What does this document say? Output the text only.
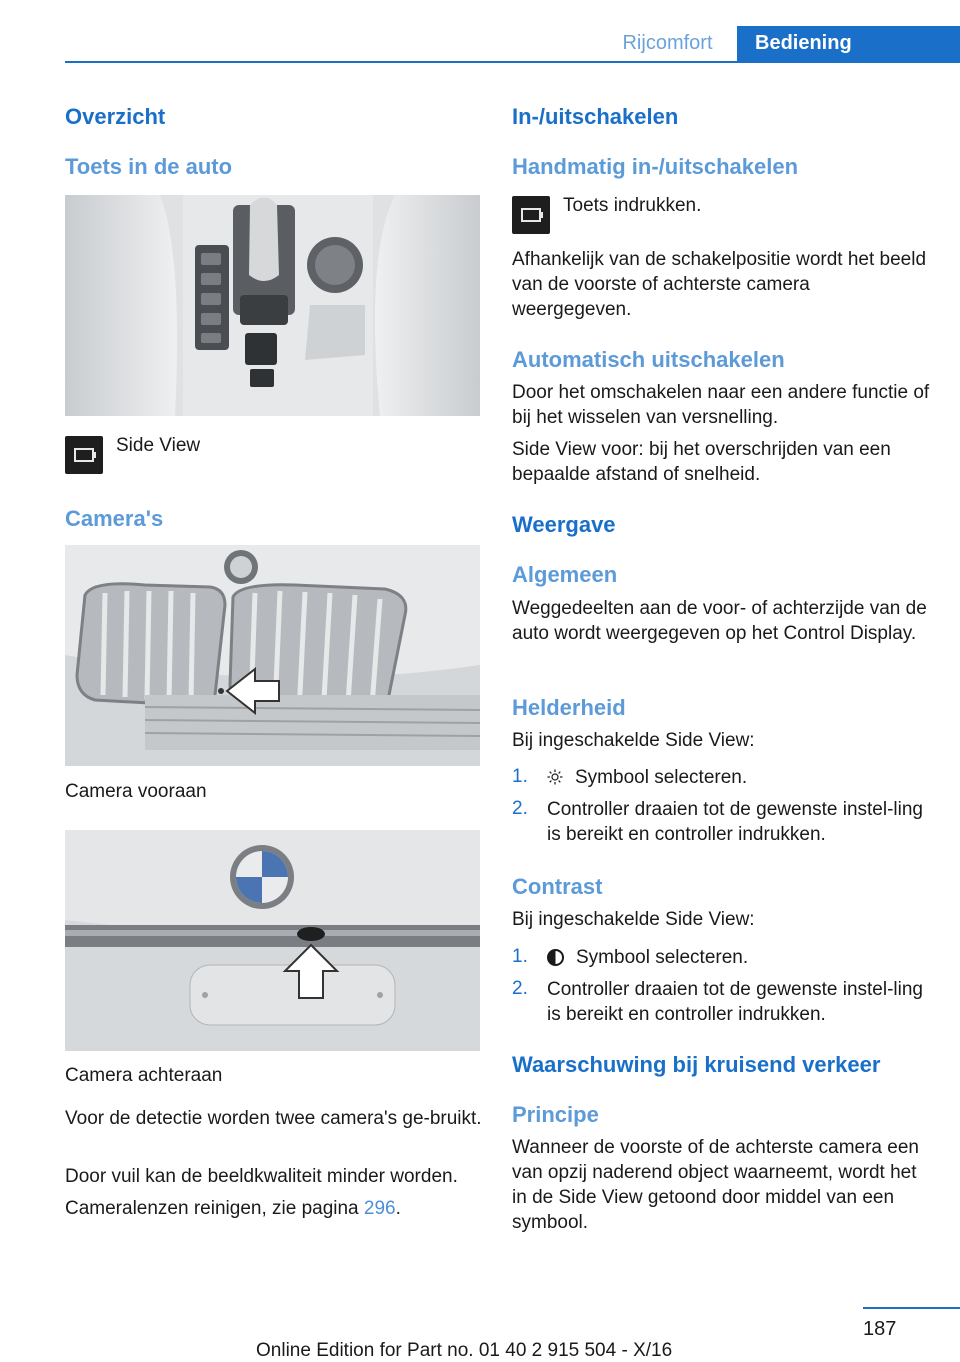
Rijcomfort	Bediening
Overzicht
Toets in de auto
Side View
Camera's
Camera vooraan
Camera achteraan
Voor de detectie worden twee camera's ge‐bruikt.
Door vuil kan de beeldkwaliteit minder worden.
Cameralenzen reinigen, zie pagina 296.
In-/uitschakelen
Handmatig in-/uitschakelen
Toets indrukken.
Afhankelijk van de schakelpositie wordt het beeld van de voorste of achterste camera weergegeven.
Automatisch uitschakelen
Door het omschakelen naar een andere functie of bij het wisselen van versnelling.
Side View voor: bij het overschrijden van een bepaalde afstand of snelheid.
Weergave
Algemeen
Weggedeelten aan de voor- of achterzijde van de auto wordt weergegeven op het Control Display.
Helderheid
Bij ingeschakelde Side View:
1.	Symbool selecteren.
2. Controller draaien tot de gewenste instel‐ling is bereikt en controller indrukken.
Contrast
Bij ingeschakelde Side View:
1.	Symbool selecteren.
2. Controller draaien tot de gewenste instel‐ling is bereikt en controller indrukken.
Waarschuwing bij kruisend verkeer
Principe
Wanneer de voorste of de achterste camera een van opzij naderend object waarneemt, wordt het in de Side View getoond door middel van een symbool.
187
Online Edition for Part no. 01 40 2 915 504 - X/16
